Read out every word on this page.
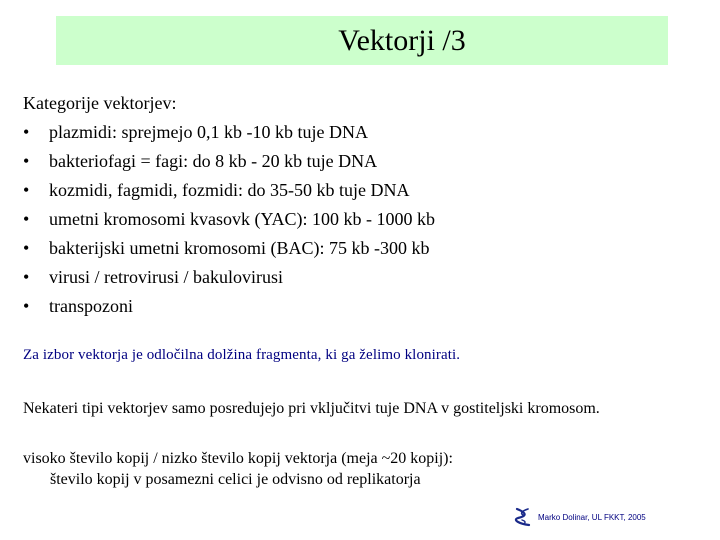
Vektorji /3
Kategorije vektorjev:
•	plazmidi: sprejmejo 0,1 kb -10 kb tuje DNA
•	bakteriofagi = fagi: do 8 kb - 20 kb tuje DNA
•	kozmidi, fagmidi, fozmidi: do 35-50 kb tuje DNA
•	umetni kromosomi kvasovk (YAC): 100 kb - 1000 kb
•	bakterijski umetni kromosomi (BAC): 75 kb -300 kb
•	virusi / retrovirusi / bakulovirusi
•	transpozoni
Za izbor vektorja je odločilna dolžina fragmenta, ki ga želimo klonirati.
Nekateri tipi vektorjev samo posredujejo pri vključitvi tuje DNA v gostiteljski kromosom.
visoko število kopij / nizko število kopij vektorja (meja ~20 kopij):
število kopij v posamezni celici je odvisno od replikatorja
Marko Dolinar, UL FKKT, 2005
